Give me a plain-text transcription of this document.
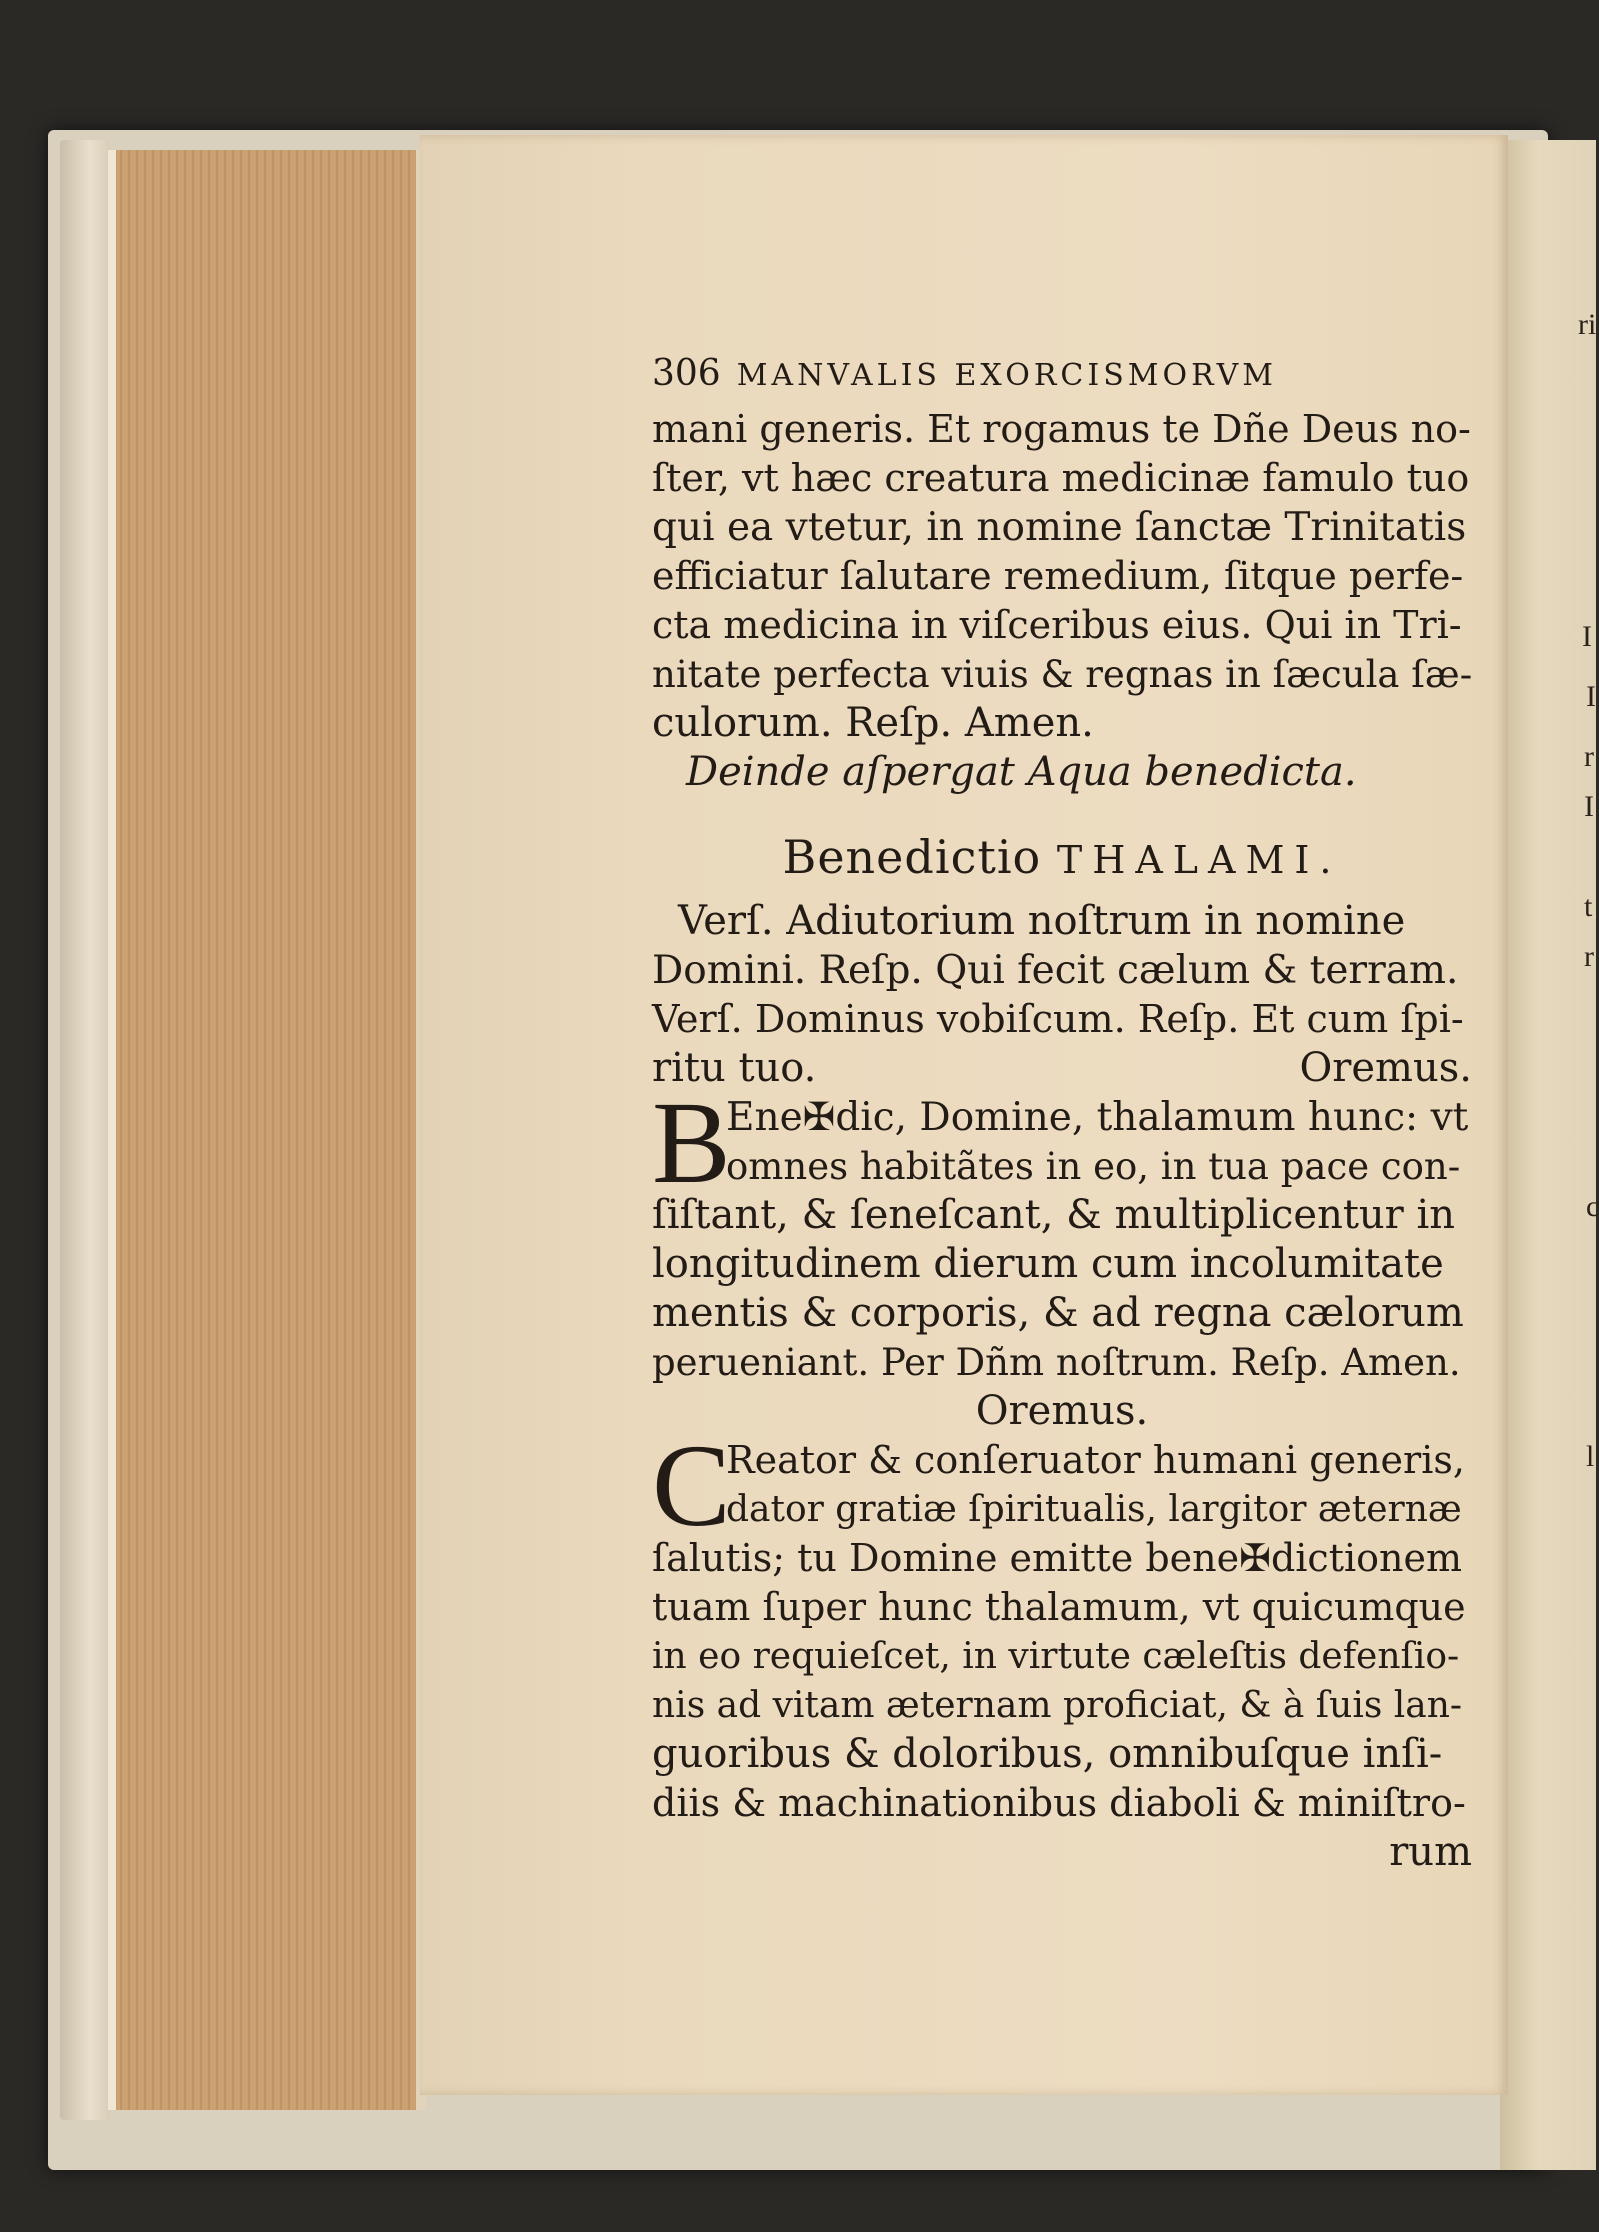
ri
I
I
r
I
t
r
c
l
306 MANVALIS EXORCISMORVM
mani generis. Et rogamus te Dñe Deus no-
ſter, vt hæc creatura medicinæ famulo tuo
qui ea vtetur, in nomine ſanctæ Trinitatis
efficiatur ſalutare remedium, ſitque perfe-
cta medicina in viſceribus eius. Qui in Tri-
nitate perfecta viuis & regnas in ſæcula ſæ-
culorum. Reſp. Amen.
Deinde aſpergat Aqua benedicta.
Benedictio THALAMI.
Verſ. Adiutorium noſtrum in nomine
Domini. Reſp. Qui fecit cælum & terram.
Verſ. Dominus vobiſcum. Reſp. Et cum ſpi-
ritu tuo.	Oremus.
B
Ene✠dic, Domine, thalamum hunc: vt
omnes habitãtes in eo, in tua pace con-
ſiſtant, & ſeneſcant, & multiplicentur in
longitudinem dierum cum incolumitate
mentis & corporis, & ad regna cælorum
perueniant. Per Dñm noſtrum. Reſp. Amen.
Oremus.
C
Reator & conſeruator humani generis,
dator gratiæ ſpiritualis, largitor æternæ
ſalutis; tu Domine emitte bene✠dictionem
tuam ſuper hunc thalamum, vt quicumque
in eo requieſcet, in virtute cæleſtis defenſio-
nis ad vitam æternam proficiat, & à ſuis lan-
guoribus & doloribus, omnibuſque inſi-
diis & machinationibus diaboli & miniſtro-
rum
